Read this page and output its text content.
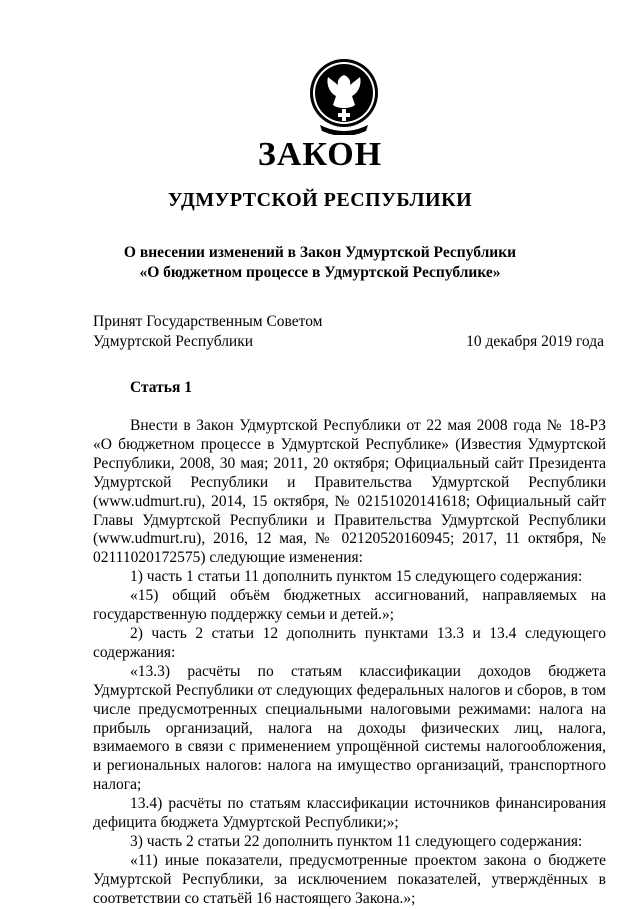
ЗАКОН
УДМУРТСКОЙ РЕСПУБЛИКИ
О внесении изменений в Закон Удмуртской Республики
«О бюджетном процессе в Удмуртской Республике»
Принят Государственным Советом
Удмуртской Республики	10 декабря 2019 года
Статья 1

Внести в Закон Удмуртской Республики от 22 мая 2008 года № 18-РЗ «О бюджетном процессе в Удмуртской Республике» (Известия Удмуртской Республики, 2008, 30 мая; 2011, 20 октября; Официальный сайт Президента Удмуртской Республики и Правительства Удмуртской Республики (www.udmurt.ru), 2014, 15 октября, № 02151020141618; Официальный сайт Главы Удмуртской Республики и Правительства Удмуртской Республики (www.udmurt.ru), 2016, 12 мая, № 02120520160945; 2017, 11 октября, № 02111020172575) следующие изменения:

1) часть 1 статьи 11 дополнить пунктом 15 следующего содержания:

«15) общий объём бюджетных ассигнований, направляемых на государственную поддержку семьи и детей.»;

2) часть 2 статьи 12 дополнить пунктами 13.3 и 13.4 следующего содержания:

«13.3) расчёты по статьям классификации доходов бюджета Удмуртской Республики от следующих федеральных налогов и сборов, в том числе предусмотренных специальными налоговыми режимами: налога на прибыль организаций, налога на доходы физических лиц, налога, взимаемого в связи с применением упрощённой системы налогообложения, и региональных налогов: налога на имущество организаций, транспортного налога;

13.4) расчёты по статьям классификации источников финансирования дефицита бюджета Удмуртской Республики;»;

3) часть 2 статьи 22 дополнить пунктом 11 следующего содержания:

«11) иные показатели, предусмотренные проектом закона о бюджете Удмуртской Республики, за исключением показателей, утверждённых в соответствии со статьёй 16 настоящего Закона.»;
